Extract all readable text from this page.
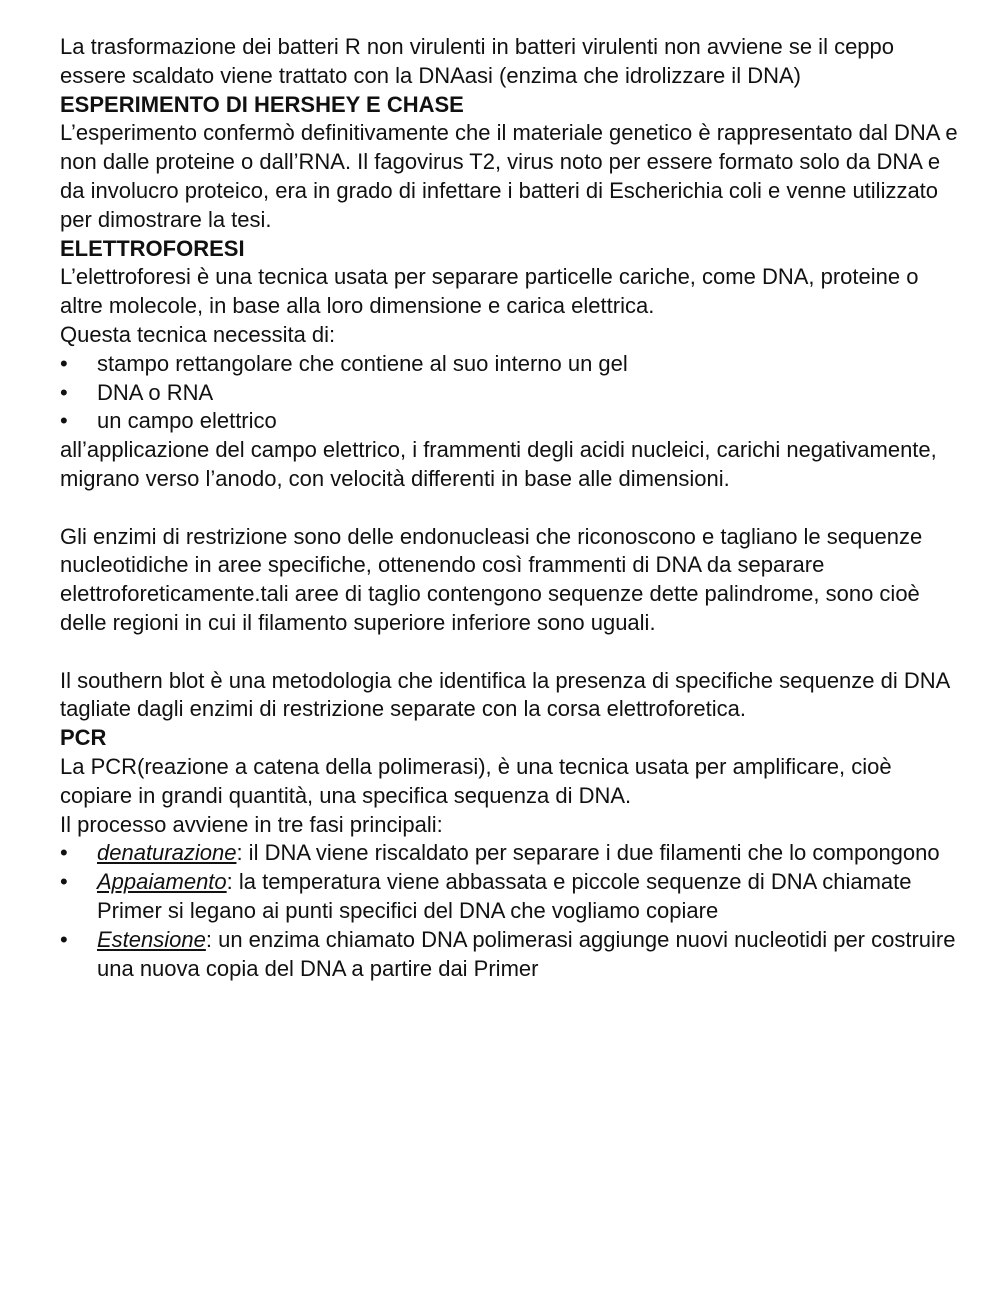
La trasformazione dei batteri R non virulenti in batteri virulenti non avviene se il ceppo essere scaldato viene trattato con la DNAasi (enzima che idrolizzare il DNA)

ESPERIMENTO DI HERSHEY E CHASE

L’esperimento confermò definitivamente che il materiale genetico è rappresentato dal DNA e non dalle proteine o dall’RNA. Il fagovirus T2, virus noto per essere formato solo da DNA e da involucro proteico, era in grado di infettare i batteri di Escherichia coli e venne utilizzato per dimostrare la tesi.

ELETTROFORESI

L’elettroforesi è una tecnica usata per separare particelle cariche, come DNA, proteine o altre molecole, in base alla loro dimensione e carica elettrica.

Questa tecnica necessita di:

• stampo rettangolare che contiene al suo interno un gel
• DNA o RNA
• un campo elettrico

all’applicazione del campo elettrico, i frammenti degli acidi nucleici, carichi negativamente, migrano verso l’anodo, con velocità differenti in base alle dimensioni.

Gli enzimi di restrizione sono delle endonucleasi che riconoscono e tagliano le sequenze nucleotidiche in aree specifiche, ottenendo così frammenti di DNA da separare elettroforeticamente.tali aree di taglio contengono sequenze dette palindrome, sono cioè delle regioni in cui il filamento superiore inferiore sono uguali.

Il southern blot è una metodologia che identifica la presenza di specifiche sequenze di DNA tagliate dagli enzimi di restrizione separate con la corsa elettroforetica.

PCR

La PCR(reazione a catena della polimerasi), è una tecnica usata per amplificare, cioè copiare in grandi quantità, una specifica sequenza di DNA.

Il processo avviene in tre fasi principali:

• denaturazione: il DNA viene riscaldato per separare i due filamenti che lo compongono
• Appaiamento: la temperatura viene abbassata e piccole sequenze di DNA chiamate Primer si legano ai punti specifici del DNA che vogliamo copiare
• Estensione: un enzima chiamato DNA polimerasi aggiunge nuovi nucleotidi per costruire una nuova copia del DNA a partire dai Primer
